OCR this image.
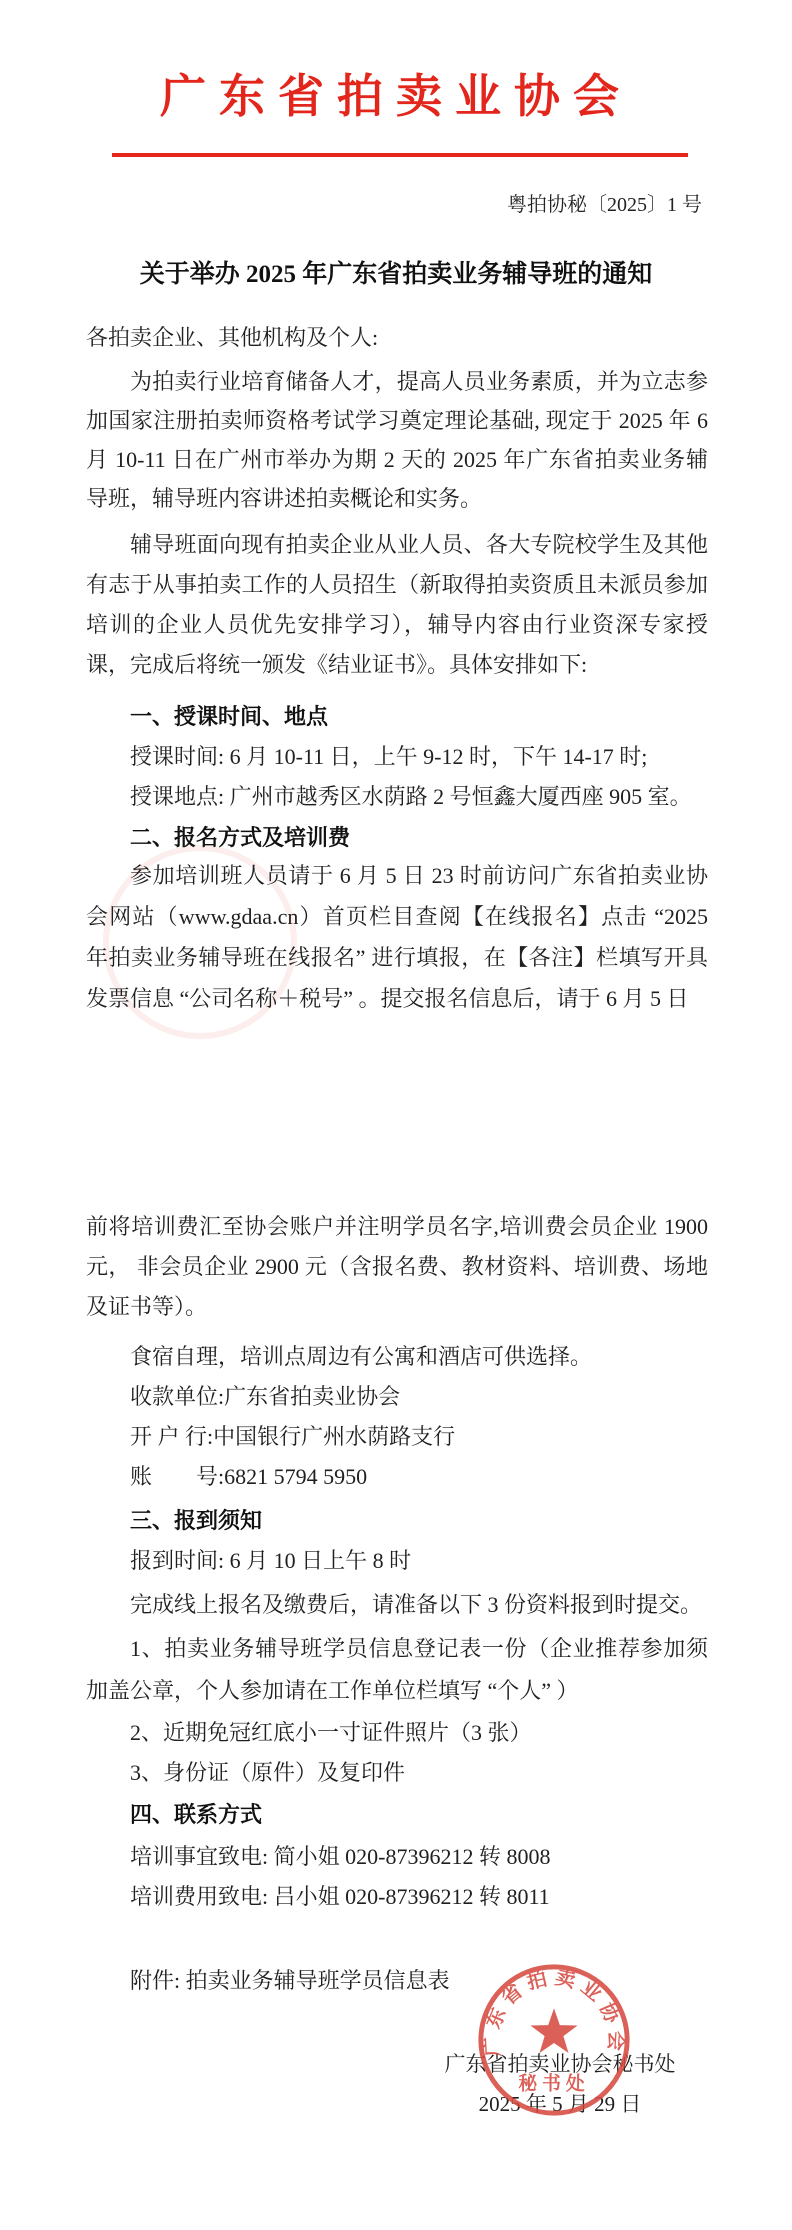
广东省拍卖业协会
粤拍协秘〔2025〕1 号
关于举办 2025 年广东省拍卖业务辅导班的通知
各拍卖企业、其他机构及个人:
为拍卖行业培育储备人才，提高人员业务素质，并为立志参加国家注册拍卖师资格考试学习奠定理论基础, 现定于 2025 年 6 月 10-11 日在广州市举办为期 2 天的 2025 年广东省拍卖业务辅导班，辅导班内容讲述拍卖概论和实务。
辅导班面向现有拍卖企业从业人员、各大专院校学生及其他有志于从事拍卖工作的人员招生（新取得拍卖资质且未派员参加培训的企业人员优先安排学习），辅导内容由行业资深专家授课，完成后将统一颁发《结业证书》。具体安排如下:
一、授课时间、地点
授课时间: 6 月 10-11 日，上午 9-12 时，下午 14-17 时;
授课地点: 广州市越秀区水荫路 2 号恒鑫大厦西座 905 室。
二、报名方式及培训费
参加培训班人员请于 6 月 5 日 23 时前访问广东省拍卖业协会网站（www.gdaa.cn）首页栏目查阅【在线报名】点击 “2025 年拍卖业务辅导班在线报名” 进行填报，在【各注】栏填写开具发票信息 “公司名称＋税号” 。提交报名信息后，请于 6 月 5 日
前将培训费汇至协会账户并注明学员名字,培训费会员企业 1900 元， 非会员企业 2900 元（含报名费、教材资料、培训费、场地及证书等）。
食宿自理，培训点周边有公寓和酒店可供选择。
收款单位:广东省拍卖业协会
开 户 行:中国银行广州水荫路支行
账　　号:6821 5794 5950
三、报到须知
报到时间: 6 月 10 日上午 8 时
完成线上报名及缴费后，请准备以下 3 份资料报到时提交。
1、拍卖业务辅导班学员信息登记表一份（企业推荐参加须加盖公章，个人参加请在工作单位栏填写 “个人” ）
2、近期免冠红底小一寸证件照片（3 张）
3、身份证（原件）及复印件
四、联系方式
培训事宜致电: 简小姐 020-87396212 转 8008
培训费用致电: 吕小姐 020-87396212 转 8011
附件: 拍卖业务辅导班学员信息表
广东省拍卖业协会秘书处
2025 年 5 月 29 日
广东省拍卖业协会
秘书处
